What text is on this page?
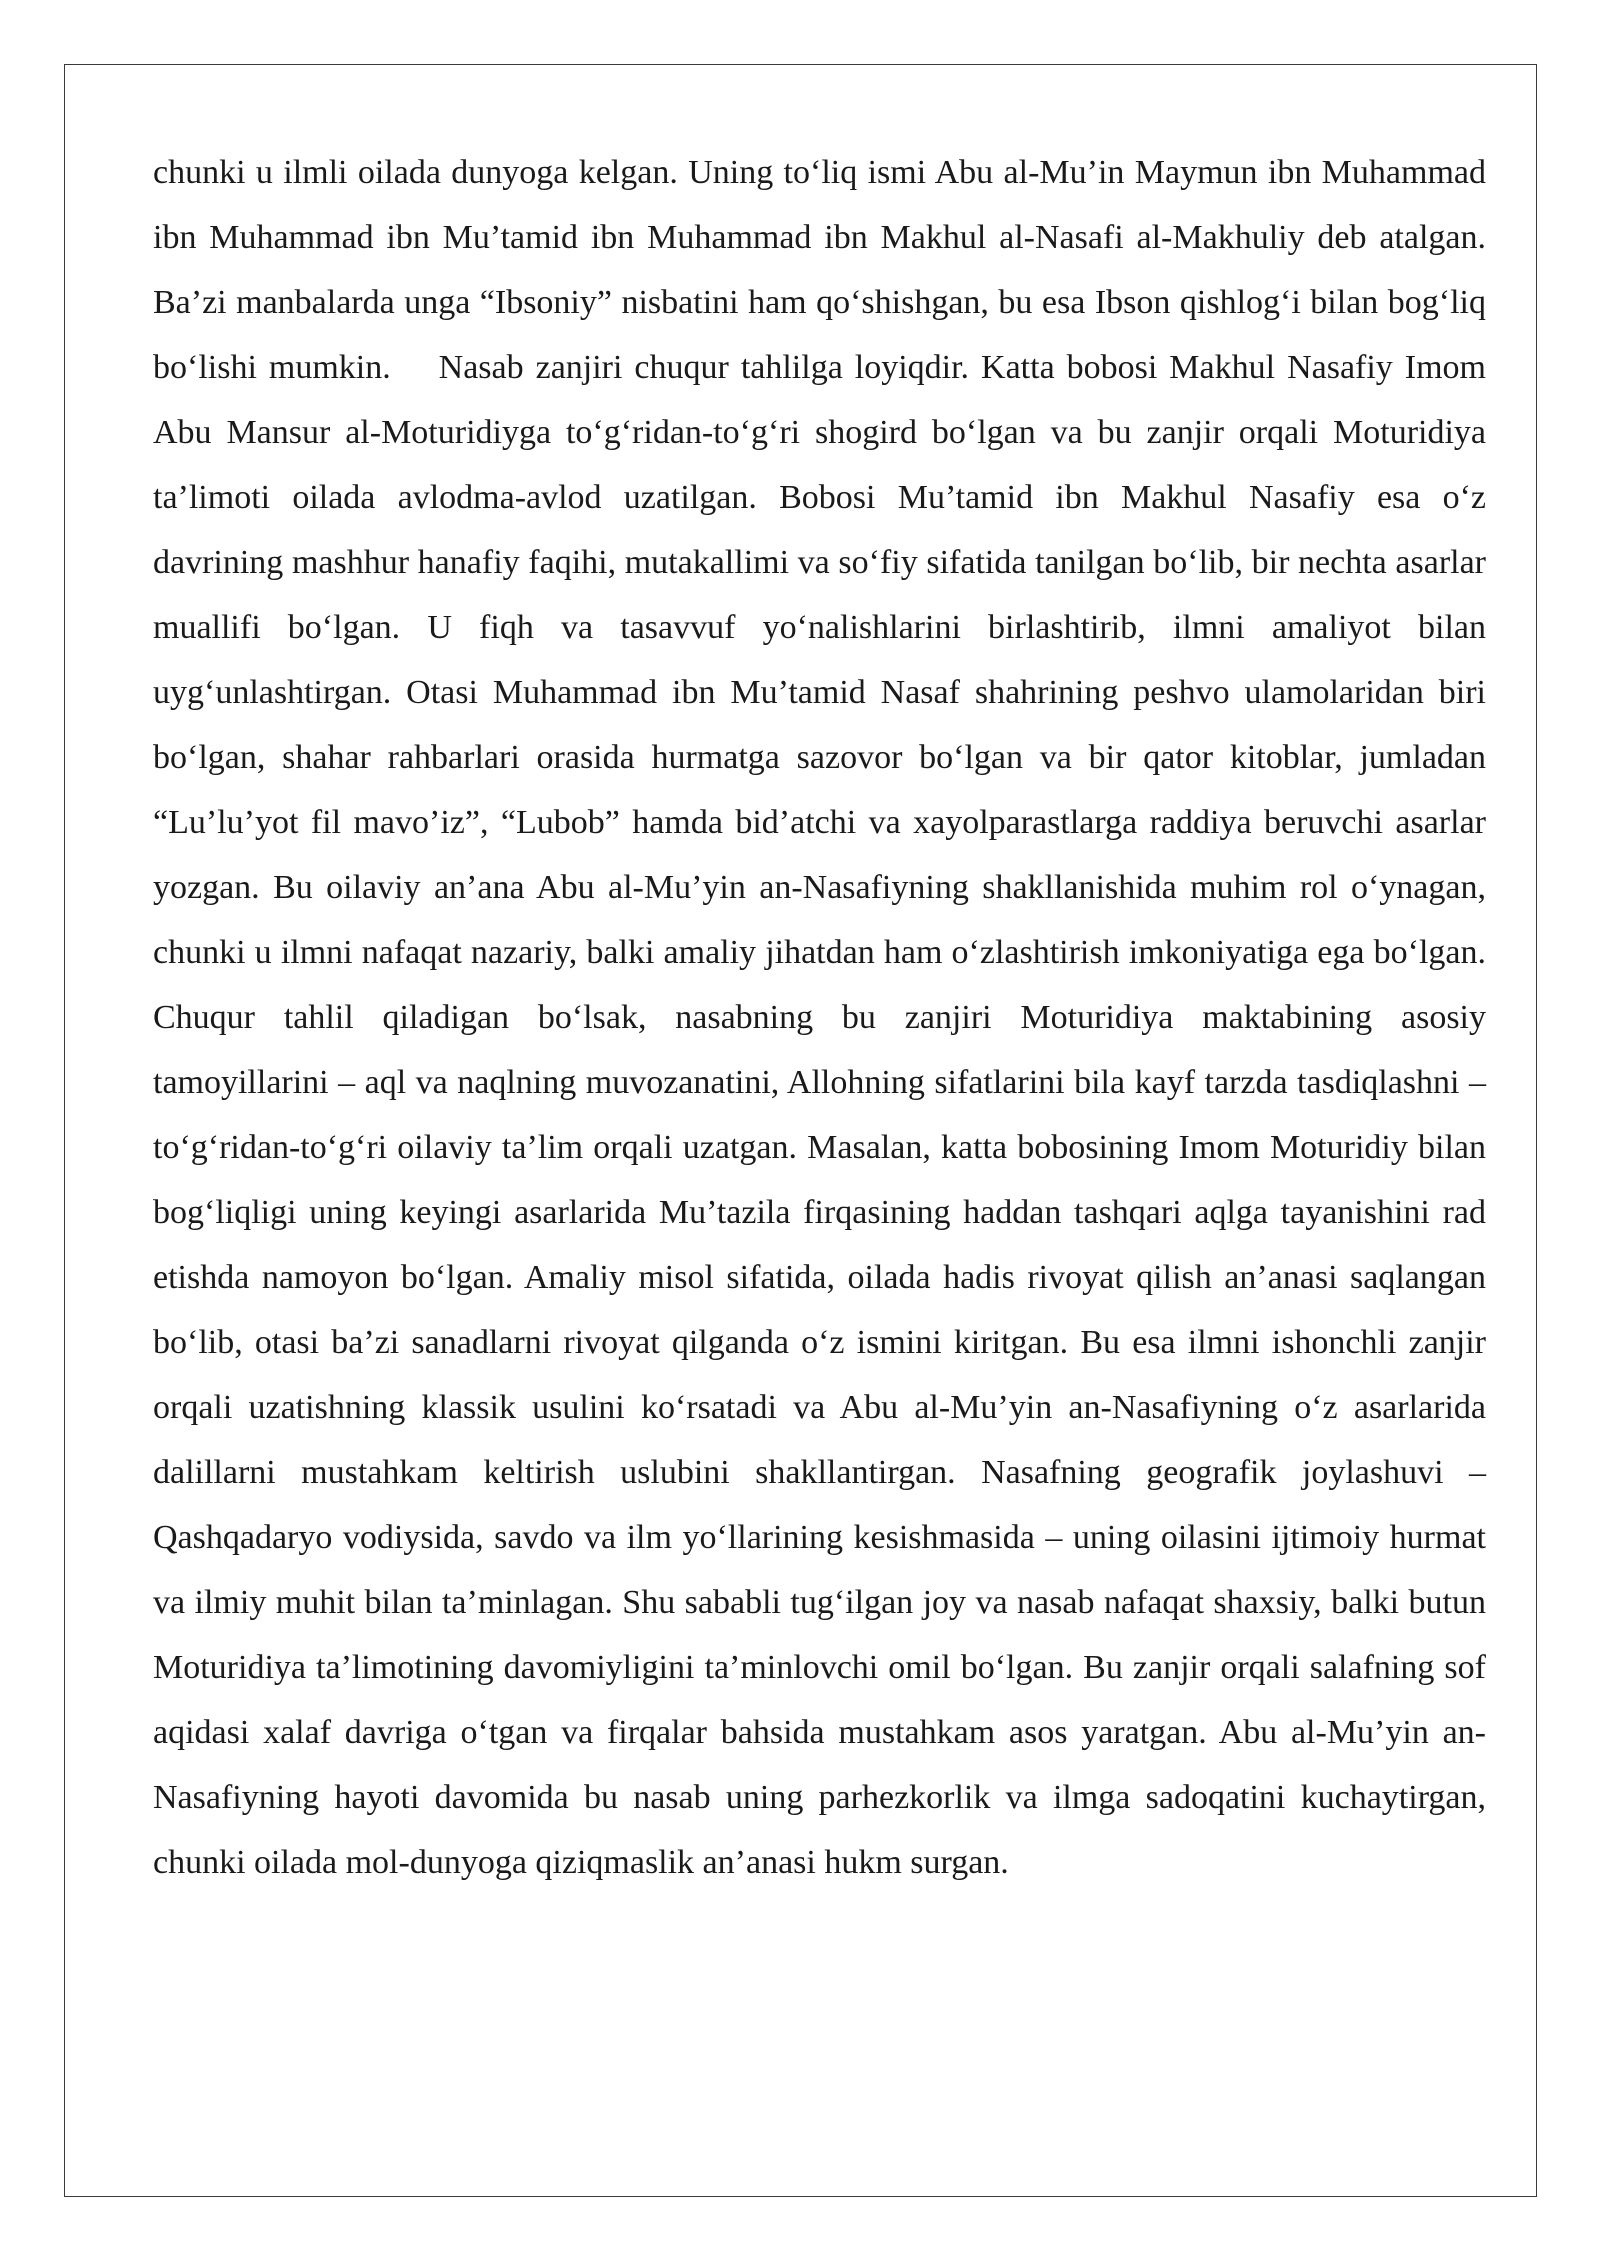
chunki u ilmli oilada dunyoga kelgan. Uning to‘liq ismi Abu al-Mu’in Maymun ibn Muhammad ibn Muhammad ibn Mu’tamid ibn Muhammad ibn Makhul al-Nasafi al-Makhuliy deb atalgan. Ba’zi manbalarda unga “Ibsoniy” nisbatini ham qo‘shishgan, bu esa Ibson qishlog‘i bilan bog‘liq bo‘lishi mumkin.    Nasab zanjiri chuqur tahlilga loyiqdir. Katta bobosi Makhul Nasafiy Imom Abu Mansur al-Moturidiyga to‘g‘ridan-to‘g‘ri shogird bo‘lgan va bu zanjir orqali Moturidiya ta’limoti oilada avlodma-avlod uzatilgan. Bobosi Mu’tamid ibn Makhul Nasafiy esa o‘z davrining mashhur hanafiy faqihi, mutakallimi va so‘fiy sifatida tanilgan bo‘lib, bir nechta asarlar muallifi bo‘lgan. U fiqh va tasavvuf yo‘nalishlarini birlashtirib, ilmni amaliyot bilan uyg‘unlashtirgan. Otasi Muhammad ibn Mu’tamid Nasaf shahrining peshvo ulamolaridan biri bo‘lgan, shahar rahbarlari orasida hurmatga sazovor bo‘lgan va bir qator kitoblar, jumladan “Lu’lu’yot fil mavo’iz”, “Lubob” hamda bid’atchi va xayolparastlarga raddiya beruvchi asarlar yozgan. Bu oilaviy an’ana Abu al-Mu’yin an-Nasafiyning shakllanishida muhim rol o‘ynagan, chunki u ilmni nafaqat nazariy, balki amaliy jihatdan ham o‘zlashtirish imkoniyatiga ega bo‘lgan.    Chuqur tahlil qiladigan bo‘lsak, nasabning bu zanjiri Moturidiya maktabining asosiy tamoyillarini – aql va naqlning muvozanatini, Allohning sifatlarini bila kayf tarzda tasdiqlashni – to‘g‘ridan-to‘g‘ri oilaviy ta’lim orqali uzatgan. Masalan, katta bobosining Imom Moturidiy bilan bog‘liqligi uning keyingi asarlarida Mu’tazila firqasining haddan tashqari aqlga tayanishini rad etishda namoyon bo‘lgan. Amaliy misol sifatida, oilada hadis rivoyat qilish an’anasi saqlangan bo‘lib, otasi ba’zi sanadlarni rivoyat qilganda o‘z ismini kiritgan. Bu esa ilmni ishonchli zanjir orqali uzatishning klassik usulini ko‘rsatadi va Abu al-Mu’yin an-Nasafiyning o‘z asarlarida dalillarni mustahkam keltirish uslubini shakllantirgan. Nasafning geografik joylashuvi – Qashqadaryo vodiysida, savdo va ilm yo‘llarining kesishmasida – uning oilasini ijtimoiy hurmat va ilmiy muhit bilan ta’minlagan. Shu sababli tug‘ilgan joy va nasab nafaqat shaxsiy, balki butun Moturidiya ta’limotining davomiyligini ta’minlovchi omil bo‘lgan. Bu zanjir orqali salafning sof aqidasi xalaf davriga o‘tgan va firqalar bahsida mustahkam asos yaratgan. Abu al-Mu’yin an-Nasafiyning hayoti davomida bu nasab uning parhezkorlik va ilmga sadoqatini kuchaytirgan, chunki oilada mol-dunyoga qiziqmaslik an’anasi hukm surgan.
